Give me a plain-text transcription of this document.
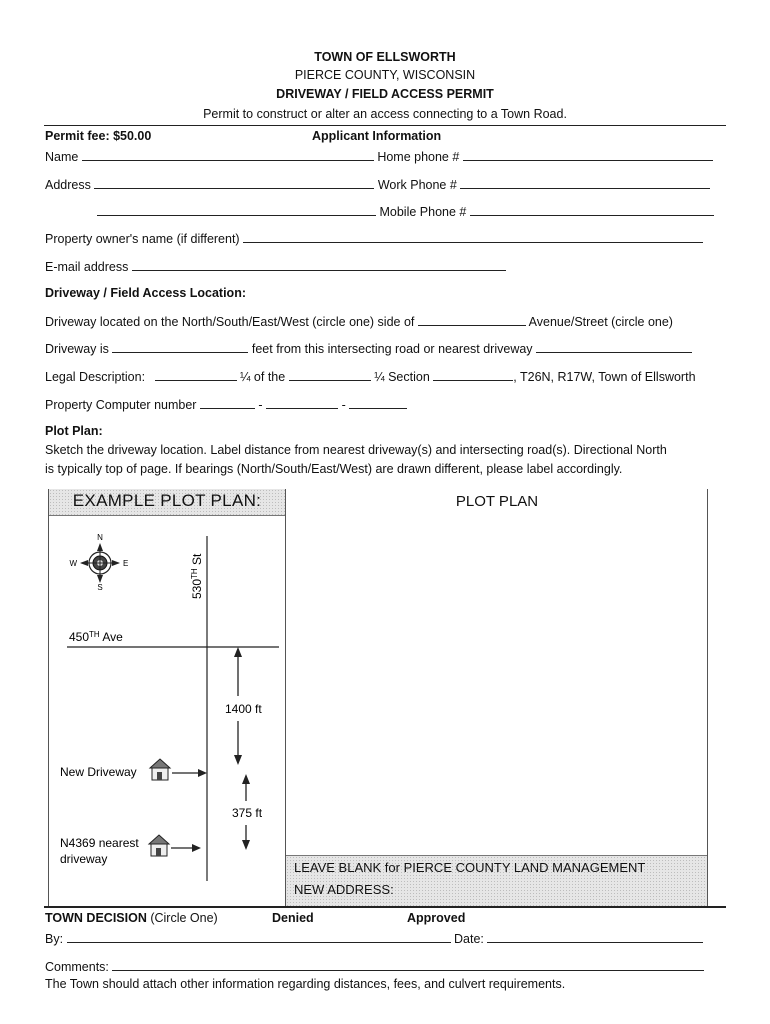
TOWN OF ELLSWORTH
PIERCE COUNTY, WISCONSIN
DRIVEWAY / FIELD ACCESS PERMIT
Permit to construct or alter an access connecting to a Town Road.
Permit fee: $50.00	Applicant Information
Name	Home phone #
Address	Work Phone #
Mobile Phone #
Property owner's name (if different)
E-mail address
Driveway / Field Access Location:
Driveway located on the North/South/East/West (circle one) side of	Avenue/Street (circle one)
Driveway is	feet from this intersecting road or nearest driveway
Legal Description:	¼ of the	¼ Section	, T26N, R17W, Town of Ellsworth
Property Computer number	-	-
Plot Plan:
Sketch the driveway location. Label distance from nearest driveway(s) and intersecting road(s). Directional North
is typically top of page. If bearings (North/South/East/West) are drawn different, please label accordingly.
EXAMPLE PLOT PLAN:
N
S
W	E
530TH St
450TH Ave
1400 ft
375 ft
New Driveway
N4369 nearest
driveway
PLOT PLAN
LEAVE BLANK for PIERCE COUNTY LAND MANAGEMENT
NEW ADDRESS:
TOWN DECISION (Circle One)	Denied	Approved
By:	Date:
Comments:
The Town should attach other information regarding distances, fees, and culvert requirements.
